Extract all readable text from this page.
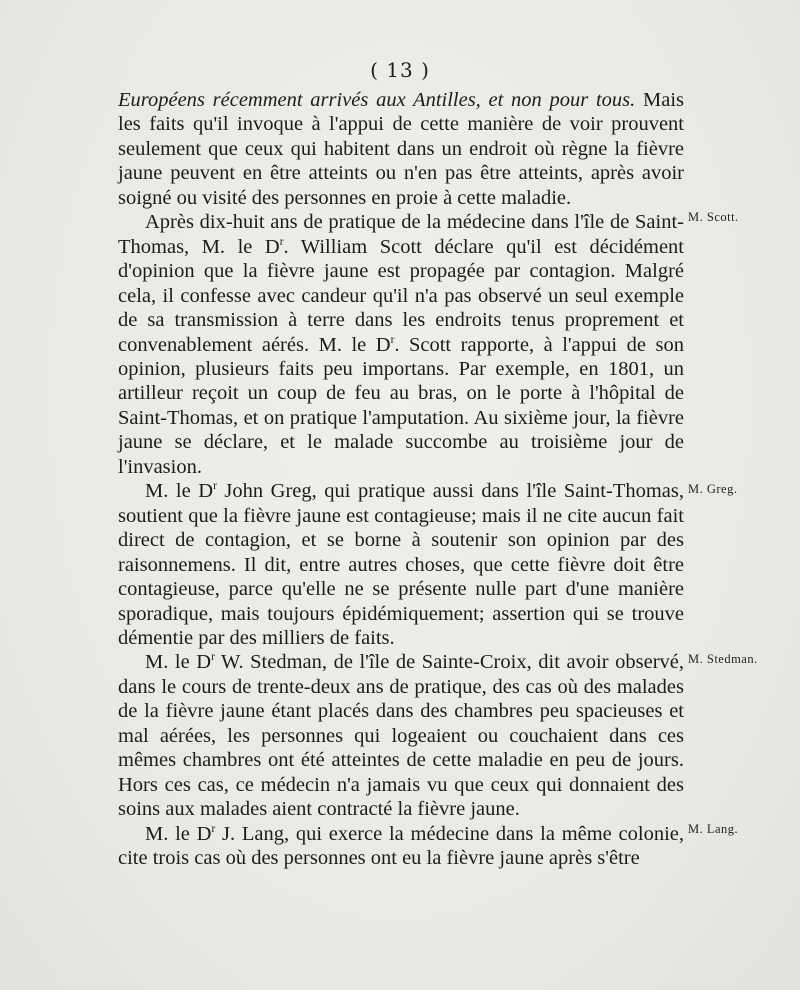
( 13 )

Européens récemment arrivés aux Antilles, et non pour tous. Mais les faits qu'il invoque à l'appui de cette manière de voir prouvent seulement que ceux qui habitent dans un endroit où règne la fièvre jaune peuvent en être atteints ou n'en pas être atteints, après avoir soigné ou visité des personnes en proie à cette maladie.

Après dix-huit ans de pratique de la médecine dans l'île de Saint-Thomas, M. le $D^r$. William Scott déclare qu'il est décidément d'opinion que la fièvre jaune est propagée par contagion. Malgré cela, il confesse avec candeur qu'il n'a pas observé un seul exemple de sa transmission à terre dans les endroits tenus proprement et convenablement aérés. M. le $D^r$. Scott rapporte, à l'appui de son opinion, plusieurs faits peu importans. Par exemple, en 1801, un artilleur reçoit un coup de feu au bras, on le porte à l'hôpital de Saint-Thomas, et on pratique l'amputation. Au sixième jour, la fièvre jaune se déclare, et le malade succombe au troisième jour de l'invasion.

M. le $D^r$ John Greg, qui pratique aussi dans l'île Saint-Thomas, soutient que la fièvre jaune est contagieuse; mais il ne cite aucun fait direct de contagion, et se borne à soutenir son opinion par des raisonnemens. Il dit, entre autres choses, que cette fièvre doit être contagieuse, parce qu'elle ne se présente nulle part d'une manière sporadique, mais toujours épidémiquement; assertion qui se trouve démentie par des milliers de faits.

M. le $D^r$ W. Stedman, de l'île de Sainte-Croix, dit avoir observé, dans le cours de trente-deux ans de pratique, des cas où des malades de la fièvre jaune étant placés dans des chambres peu spacieuses et mal aérées, les personnes qui logeaient ou couchaient dans ces mêmes chambres ont été atteintes de cette maladie en peu de jours. Hors ces cas, ce médecin n'a jamais vu que ceux qui donnaient des soins aux malades aient contracté la fièvre jaune.

M. le $D^r$ J. Lang, qui exerce la médecine dans la même colonie, cite trois cas où des personnes ont eu la fièvre jaune après s'être

M. Scott.
M. Greg.
M. Stedman.
M. Lang.
